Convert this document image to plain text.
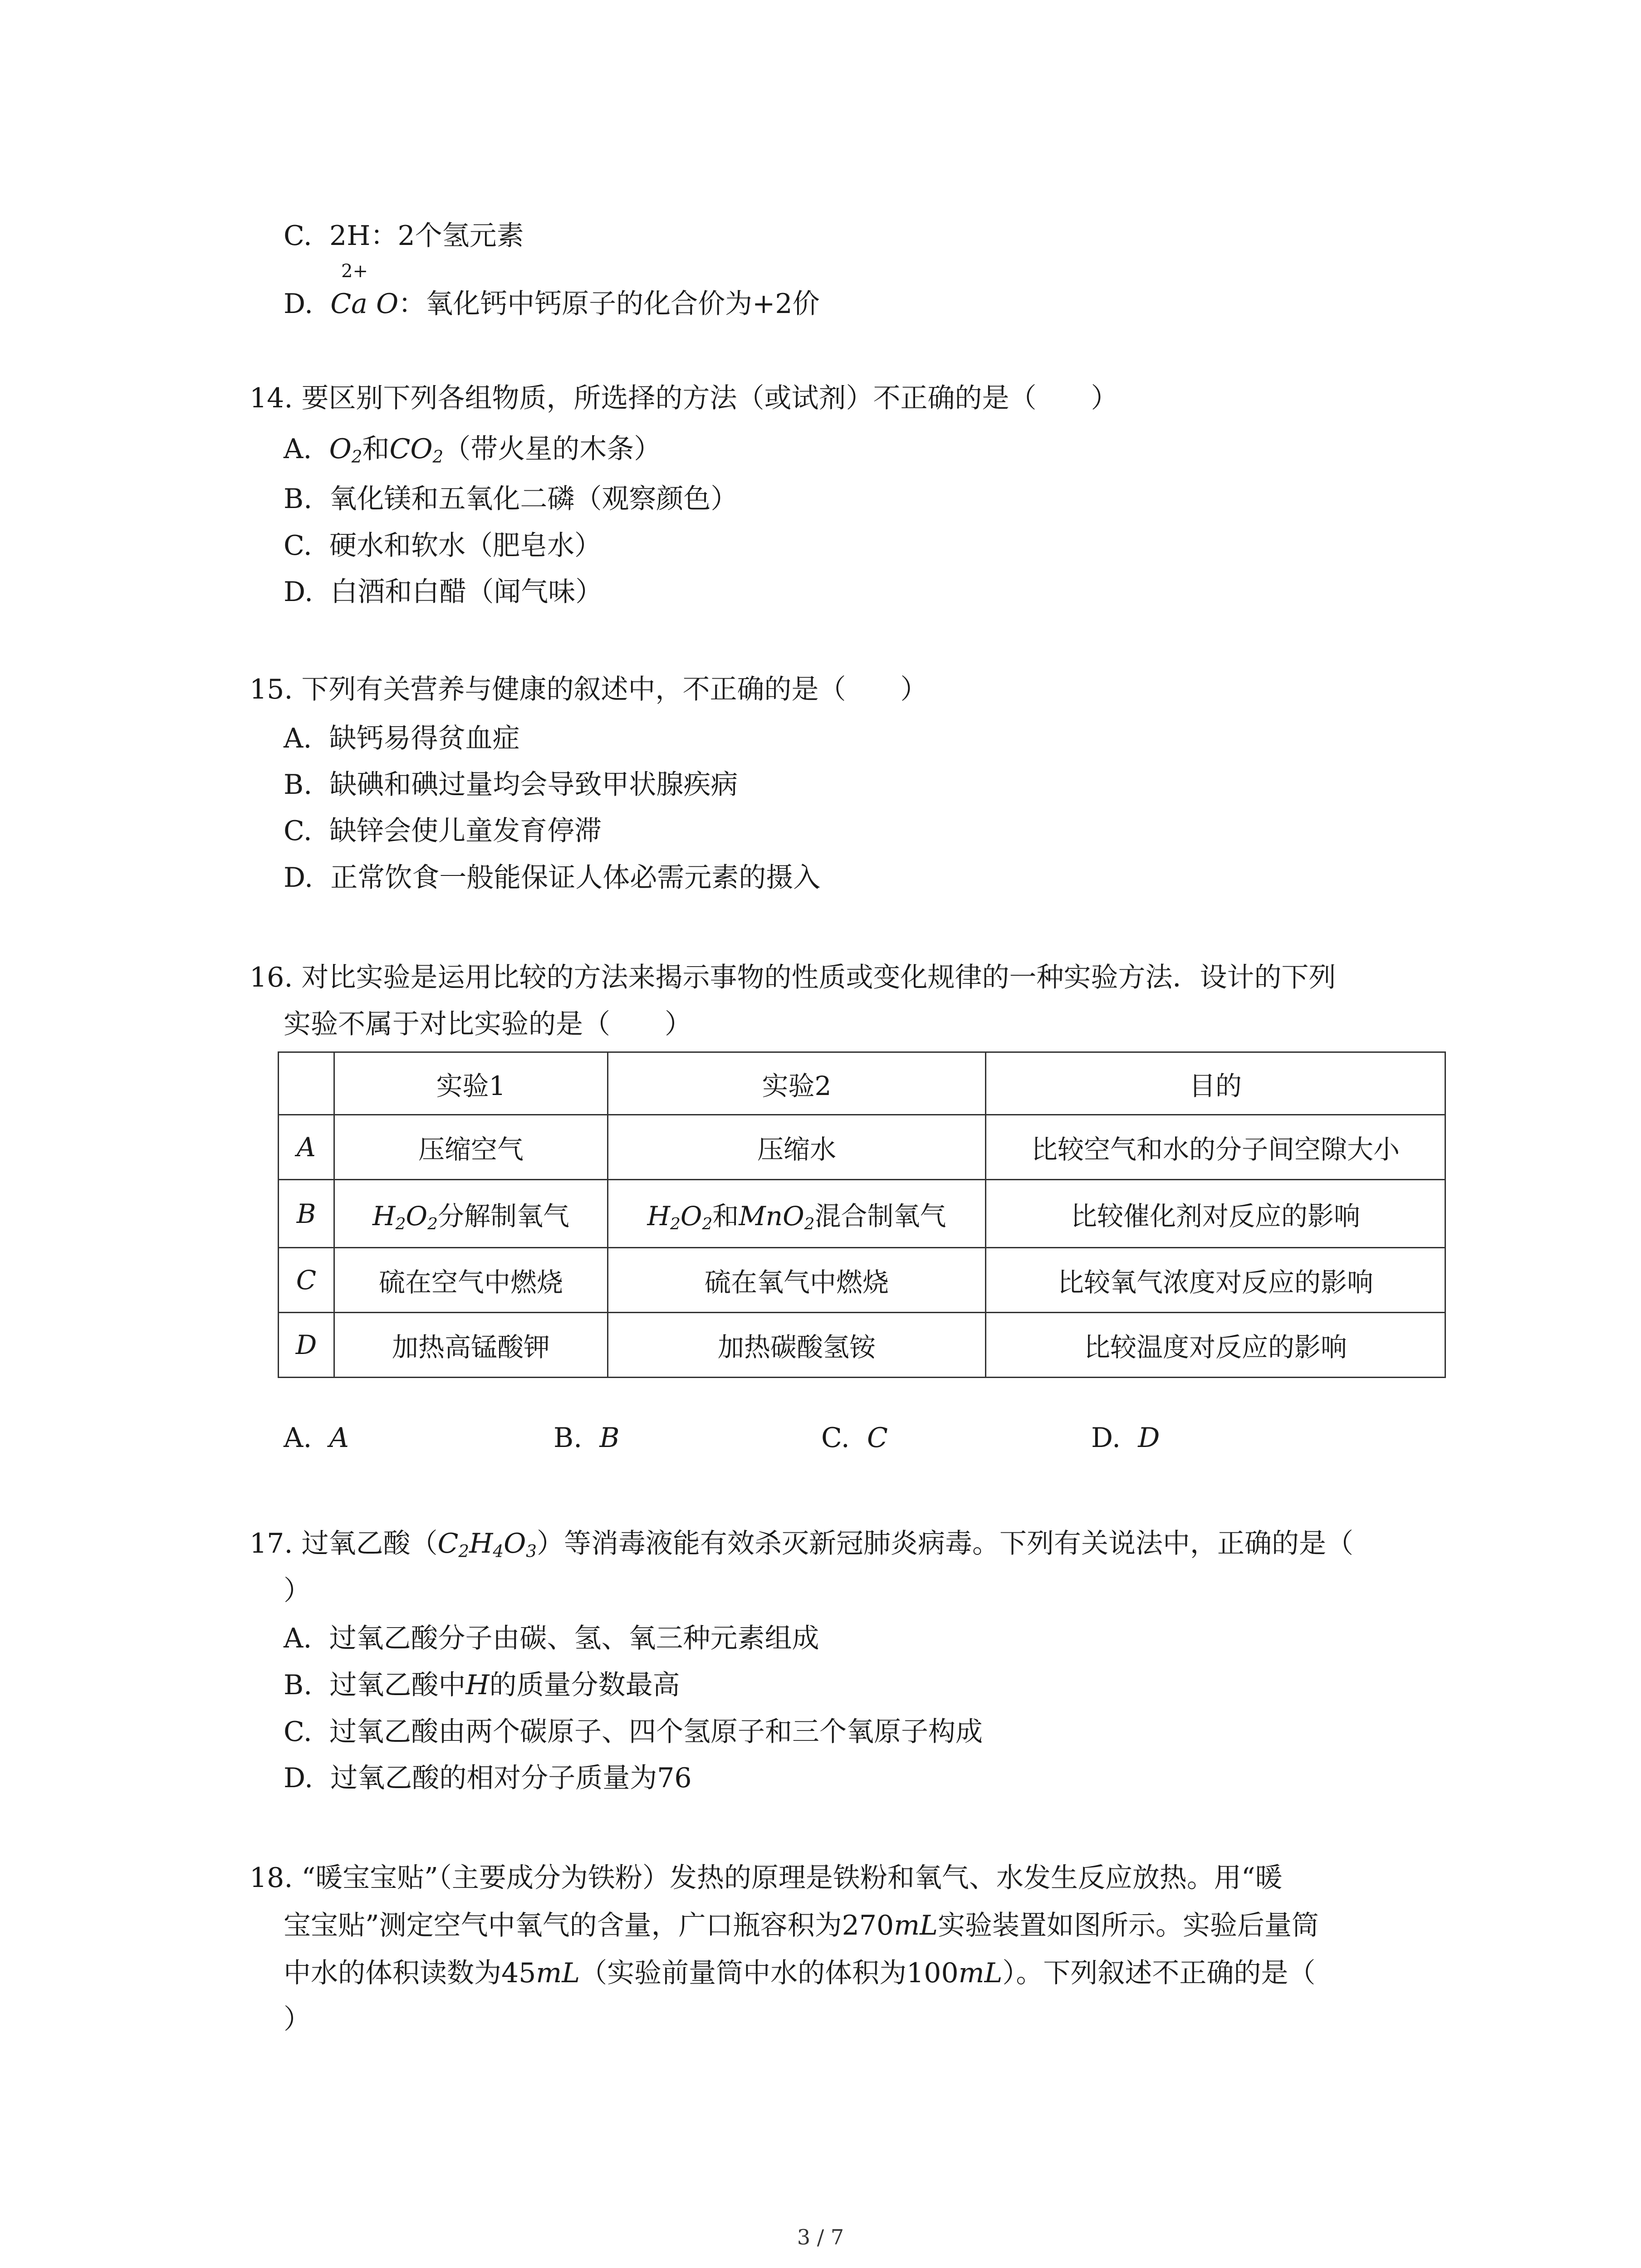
C. 2H：2个氢元素
2+
D. Ca O：氧化钙中钙原子的化合价为+2价
14. 要区别下列各组物质，所选择的方法（或试剂）不正确的是（　　）
A. $O_2$和$CO_2$（带火星的木条）
B. 氧化镁和五氧化二磷（观察颜色）
C. 硬水和软水（肥皂水）
D. 白酒和白醋（闻气味）
15. 下列有关营养与健康的叙述中，不正确的是（　　）
A. 缺钙易得贫血症
B. 缺碘和碘过量均会导致甲状腺疾病
C. 缺锌会使儿童发育停滞
D. 正常饮食一般能保证人体必需元素的摄入
16. 对比实验是运用比较的方法来揭示事物的性质或变化规律的一种实验方法．设计的下列
实验不属于对比实验的是（　　）
	实验1	实验2	目的
A	压缩空气	压缩水	比较空气和水的分子间空隙大小
B	$H_2O_2$分解制氧气	$H_2O_2$和MnO$_2$混合制氧气	比较催化剂对反应的影响
C	硫在空气中燃烧	硫在氧气中燃烧	比较氧气浓度对反应的影响
D	加热高锰酸钾	加热碳酸氢铵	比较温度对反应的影响
A. A	B. B	C. C	D. D
17. 过氧乙酸$(C_2H_4O_3)$等消毒液能有效杀灭新冠肺炎病毒。下列有关说法中，正确的是（
）
A. 过氧乙酸分子由碳、氢、氧三种元素组成
B. 过氧乙酸中H的质量分数最高
C. 过氧乙酸由两个碳原子、四个氢原子和三个氧原子构成
D. 过氧乙酸的相对分子质量为76
18. “暖宝宝贴”（主要成分为铁粉）发热的原理是铁粉和氧气、水发生反应放热。用“暖
宝宝贴”测定空气中氧气的含量，广口瓶容积为270mL实验装置如图所示。实验后量筒
中水的体积读数为45mL（实验前量筒中水的体积为100mL）。下列叙述不正确的是（
）
3 / 7
